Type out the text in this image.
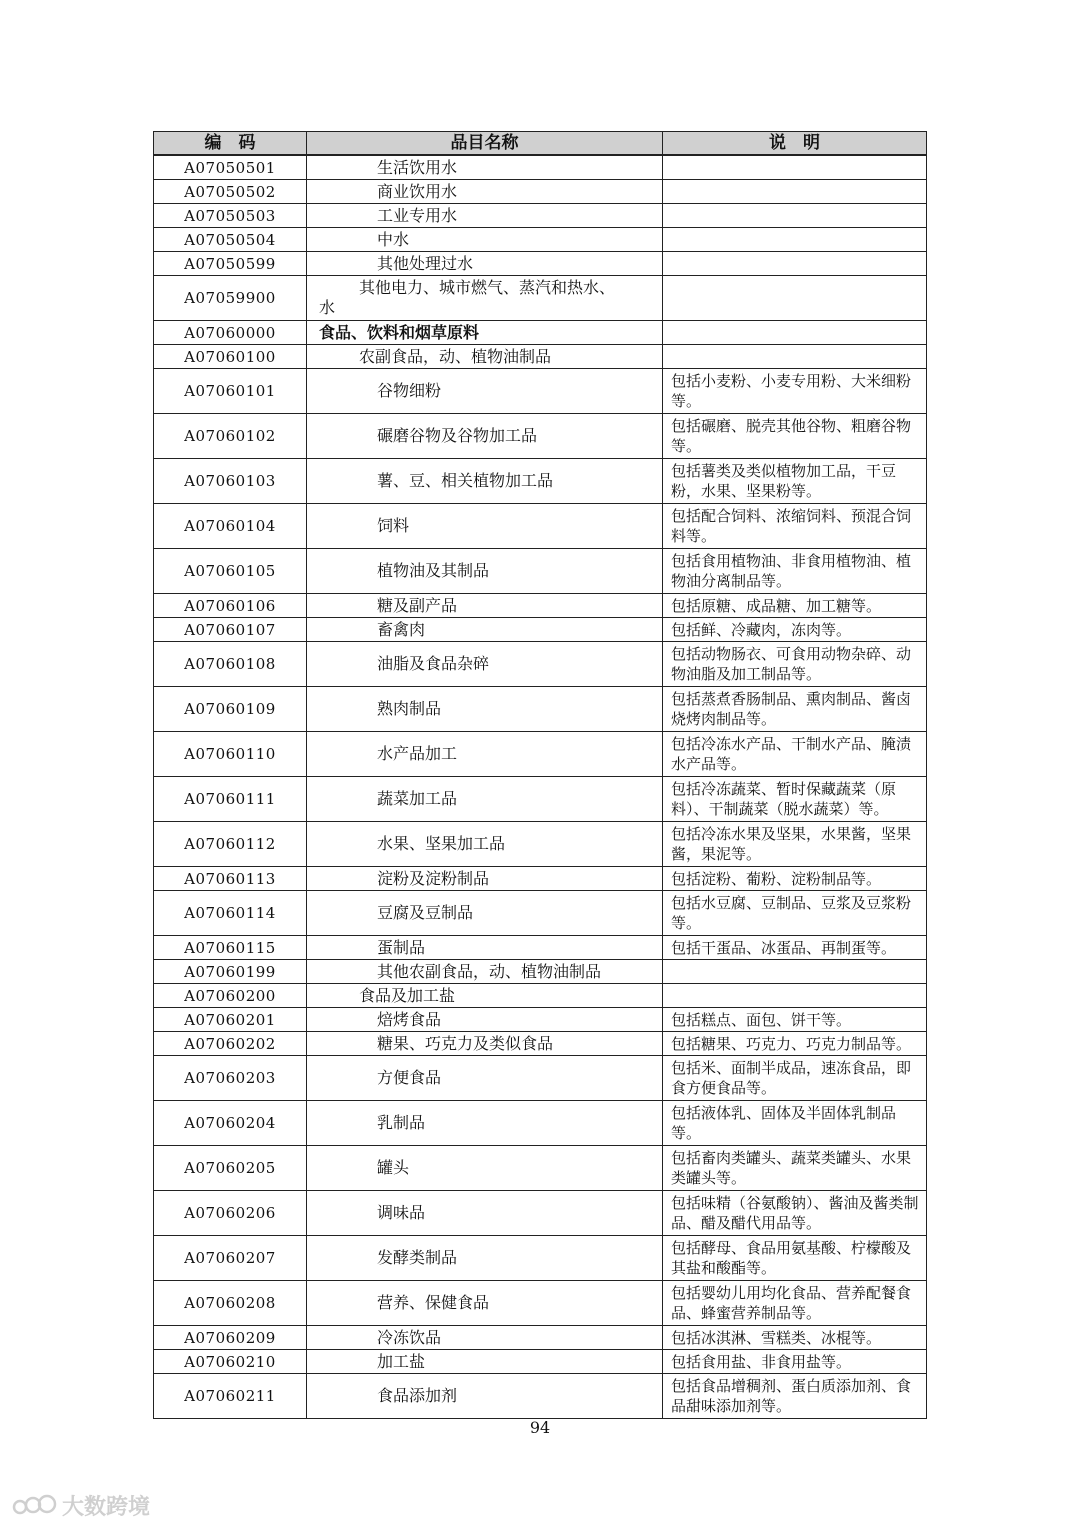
编　码	品目名称	说　明
A07050501	生活饮用水	
A07050502	商业饮用水	
A07050503	工业专用水	
A07050504	中水	
A07050599	其他处理过水	
A07059900	其他电力、城市燃气、蒸汽和热水、
水	

A07060000	食品、饮料和烟草原料	
A07060100	农副食品，动、植物油制品	
A07060101	谷物细粉	包括小麦粉、小麦专用粉、大米细粉等。
A07060102	碾磨谷物及谷物加工品	包括碾磨、脱壳其他谷物、粗磨谷物等。
A07060103	薯、豆、相关植物加工品	包括薯类及类似植物加工品，干豆粉，水果、坚果粉等。
A07060104	饲料	包括配合饲料、浓缩饲料、预混合饲料等。
A07060105	植物油及其制品	包括食用植物油、非食用植物油、植物油分离制品等。
A07060106	糖及副产品	包括原糖、成品糖、加工糖等。
A07060107	畜禽肉	包括鲜、冷藏肉，冻肉等。
A07060108	油脂及食品杂碎	包括动物肠衣、可食用动物杂碎、动物油脂及加工制品等。
A07060109	熟肉制品	包括蒸煮香肠制品、熏肉制品、酱卤烧烤肉制品等。
A07060110	水产品加工	包括冷冻水产品、干制水产品、腌渍水产品等。
A07060111	蔬菜加工品	包括冷冻蔬菜、暂时保藏蔬菜（原料）、干制蔬菜（脱水蔬菜）等。
A07060112	水果、坚果加工品	包括冷冻水果及坚果，水果酱，坚果酱，果泥等。
A07060113	淀粉及淀粉制品	包括淀粉、葡粉、淀粉制品等。
A07060114	豆腐及豆制品	包括水豆腐、豆制品、豆浆及豆浆粉等。
A07060115	蛋制品	包括干蛋品、冰蛋品、再制蛋等。
A07060199	其他农副食品，动、植物油制品	
A07060200	食品及加工盐	
A07060201	焙烤食品	包括糕点、面包、饼干等。
A07060202	糖果、巧克力及类似食品	包括糖果、巧克力、巧克力制品等。
A07060203	方便食品	包括米、面制半成品，速冻食品，即食方便食品等。
A07060204	乳制品	包括液体乳、固体及半固体乳制品等。
A07060205	罐头	包括畜肉类罐头、蔬菜类罐头、水果类罐头等。
A07060206	调味品	包括味精（谷氨酸钠）、酱油及酱类制品、醋及醋代用品等。
A07060207	发酵类制品	包括酵母、食品用氨基酸、柠檬酸及其盐和酸酯等。
A07060208	营养、保健食品	包括婴幼儿用均化食品、营养配餐食品、蜂蜜营养制品等。
A07060209	冷冻饮品	包括冰淇淋、雪糕类、冰棍等。
A07060210	加工盐	包括食用盐、非食用盐等。
A07060211	食品添加剂	包括食品增稠剂、蛋白质添加剂、食品甜味添加剂等。
94
大数跨境
